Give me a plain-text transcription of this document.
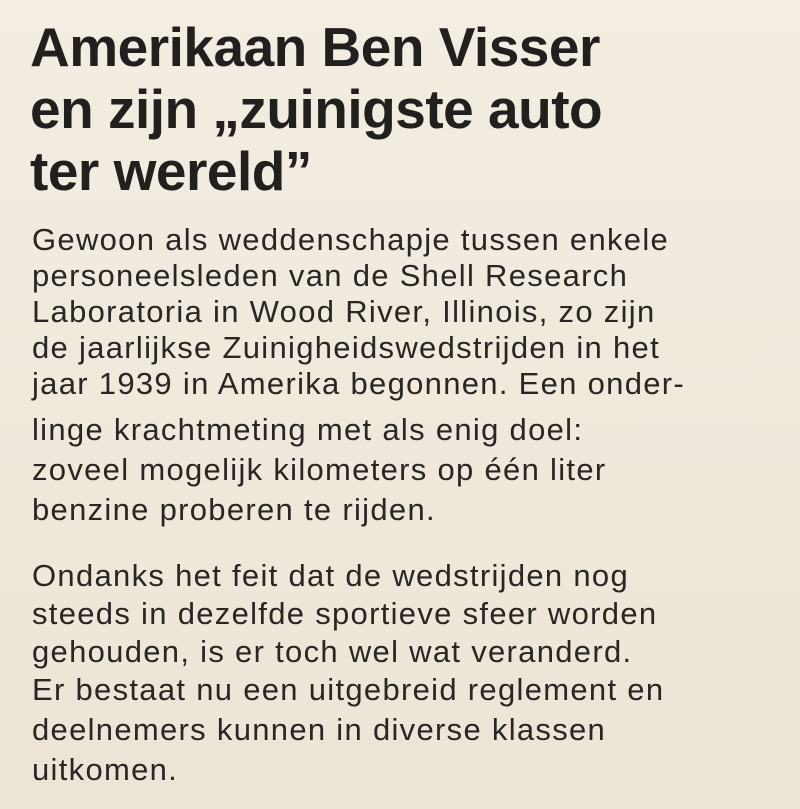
Amerikaan Ben Visser
en zijn „zuinigste auto
ter wereld”
Gewoon als weddenschapje tussen enkele
personeelsleden van de Shell Research
Laboratoria in Wood River, Illinois, zo zijn
de jaarlijkse Zuinigheidswedstrijden in het
jaar 1939 in Amerika begonnen. Een onder-
linge krachtmeting met als enig doel:
zoveel mogelijk kilometers op één liter
benzine proberen te rijden.
Ondanks het feit dat de wedstrijden nog
steeds in dezelfde sportieve sfeer worden
gehouden, is er toch wel wat veranderd.
Er bestaat nu een uitgebreid reglement en
deelnemers kunnen in diverse klassen
uitkomen.
